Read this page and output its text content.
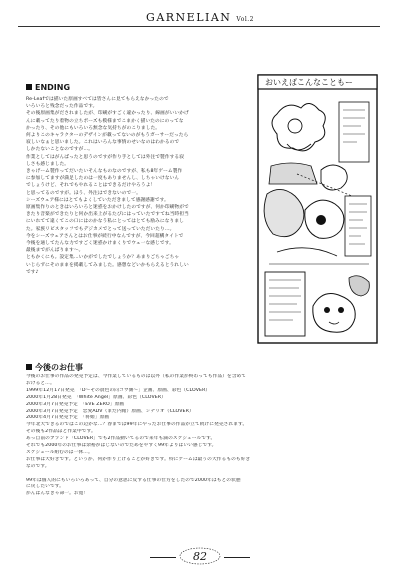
GARNELIAN Vol.2
ENDING

Re-Leafでは描いた原画すべては皆さんに見てもらえなかったので

いろいろと残念だった作品です。

その後原画集がだされましたが、印刷がすごく違かったり、線画がいいかげ

んに載ってたり着物の立ちポーズも模様までこまかく描いたのにのってな

かったり、その他にもいろいろ無念な気持ちがのこりました。

何よりこのキャラクターのデザインが載ってないのがもうガーサーだったら

寂しいなぁと思いました。これはいろんな事情のせいなのはわかるので

しかたないことなのですが…。

作業としてはがんばったと思うのですが作り手としては外注で製作する寂

しさも感じました。

きゃげーム製作ってだいたいそんなものなのですが、私も8年ゲーム製作

に参加してますが満足したのは一度もありませんし、しちゃいけないん

でしょうけど、それでもやれることはできるだけやろうよ！

と思ってるのですが。ほう、外注はできないので一。

シーズウェア様にはとてもよくしていただきまして感謝感謝です。

原画集作りのときはいろいろと迷惑をおかけしたのですが、何か印刷物がで

きたり音楽ができたりと何か出来上がるたびにはっていたですてね当時担当

にいれてて遠くてこの口にはのかなう私にとってはとても励みになりまし

た。家族リビスタッフでもデジカメでとって送っていただいたり…。

今をシーズウェアさんとはお仕事が続行中なんですが、今回超構タイトで

今後を通してたんな力ですごく迷惑かけまくりでウェ一な感じです。

最後までがんばります～。

ともかくにも。設定集…いかがでしたでしょうか？あまりごちゃごちゃ

いじらずにそのままを掲載してみました。感想などいかもらえるとうれしい

です♪

おいえばこんなこともー
今後のお仕事

今後のお仕事の作品の発売予定は、今作業しているものは以外（私の作業が終わっても作品）を含めて

おけると…。

1999年12月17日発売　「D～その晨色の向コウ側～」企画、原画、彩色（CLOVER）

2000年1月28日発売　「White Angel」原画、彩色（CLOVER）

2000年3月7日発売予定　「EVE ZERO」原画

2000年3月7日発売予定　恋愛ADV（まだ内緒）原画、シナリオ（CLOVER）

2000年4月7日発売予定　「将姫」原画

今年北大できるのではこの辺かな…？春までは99年にやったお仕事の作品が立て続けに発売されます。

その後も2作品ほど作業中です。

あっ自前のブランド「CLOVER」でも2作品動いてるので来年も満のスケジュールです。

それでも2000年のお仕事は余裕がはじないのでためをやすく99年よりはいい感じです。

スケジュール組むのは一休…。

お仕事は大好きです。というか、何か作り上げることが好きです。特にゲームは最うの大作るものも好き

なのです。

99年は個人的にもいろいろあって、自分の意思に反する仕事の仕方をしたので2000年はもとの状態

に戻したいです。

がんばんなきゃ命一。お寛！

82
